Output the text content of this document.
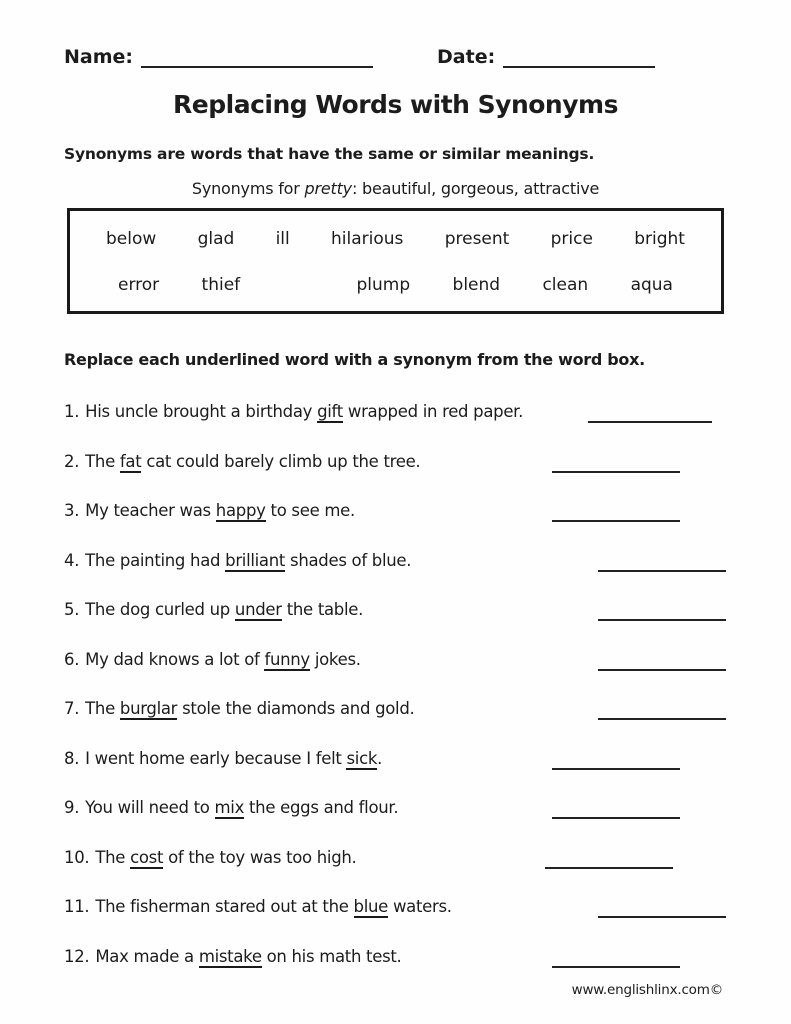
Name:	Date:
Replacing Words with Synonyms
Synonyms are words that have the same or similar meanings.
Synonyms for pretty: beautiful, gorgeous, attractive
below glad ill hilarious present price bright
error thief	plump blend clean aqua
Replace each underlined word with a synonym from the word box.
1. His uncle brought a birthday gift wrapped in red paper.
2. The fat cat could barely climb up the tree.
3. My teacher was happy to see me.
4. The painting had brilliant shades of blue.
5. The dog curled up under the table.
6. My dad knows a lot of funny jokes.
7. The burglar stole the diamonds and gold.
8. I went home early because I felt sick.
9. You will need to mix the eggs and flour.
10. The cost of the toy was too high.
11. The fisherman stared out at the blue waters.
12. Max made a mistake on his math test.
www.englishlinx.com©
